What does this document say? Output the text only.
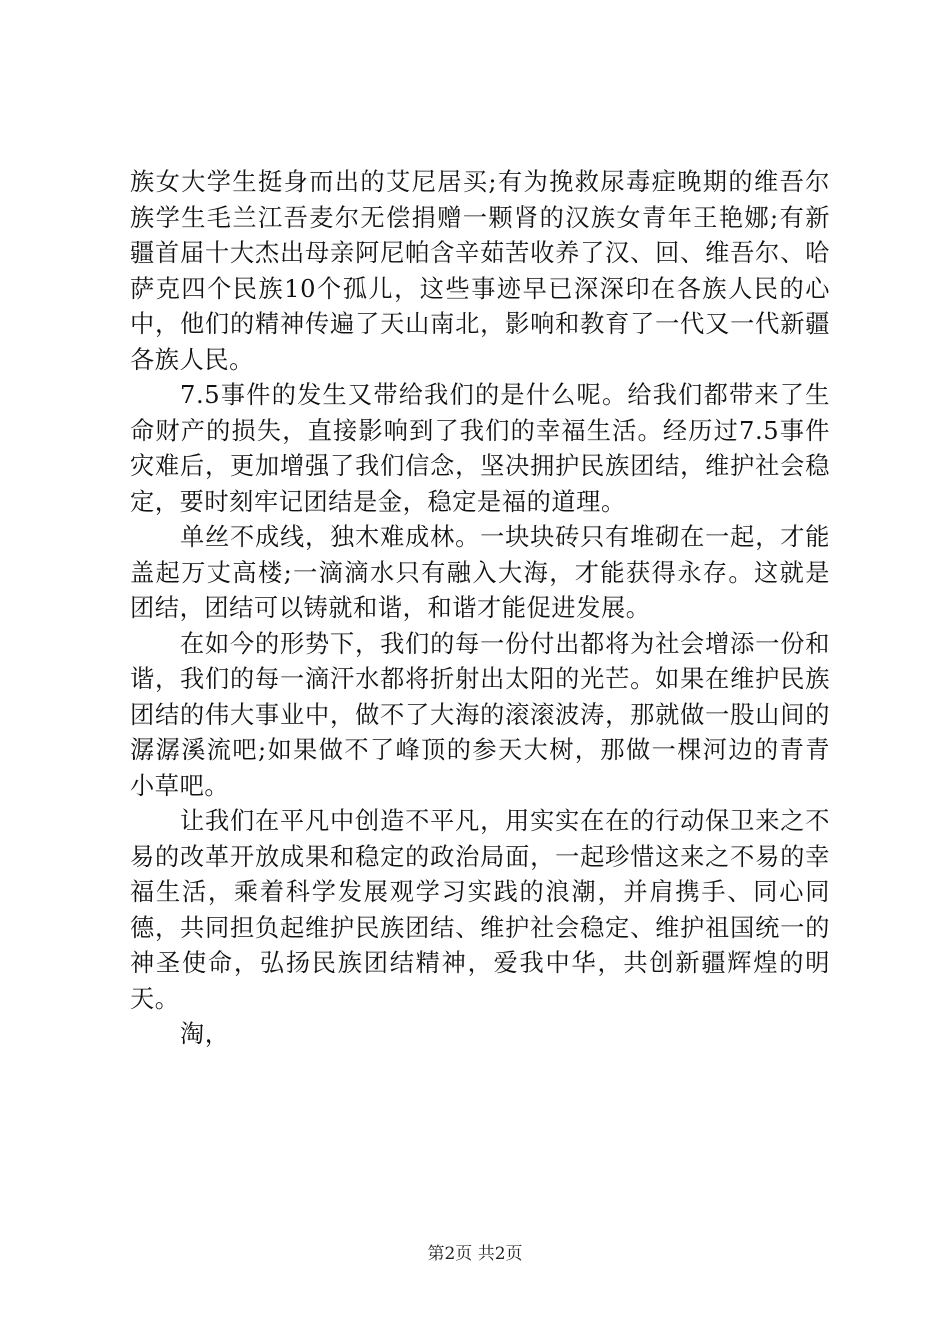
族女大学生挺身而出的艾尼居买;有为挽救尿毒症晚期的维吾尔族学生毛兰江吾麦尔无偿捐赠一颗肾的汉族女青年王艳娜;有新疆首届十大杰出母亲阿尼帕含辛茹苦收养了汉、回、维吾尔、哈萨克四个民族10个孤儿，这些事迹早已深深印在各族人民的心中，他们的精神传遍了天山南北，影响和教育了一代又一代新疆各族人民。

7.5事件的发生又带给我们的是什么呢。给我们都带来了生命财产的损失，直接影响到了我们的幸福生活。经历过7.5事件灾难后，更加增强了我们信念，坚决拥护民族团结，维护社会稳定，要时刻牢记团结是金，稳定是福的道理。

单丝不成线，独木难成林。一块块砖只有堆砌在一起，才能盖起万丈高楼;一滴滴水只有融入大海，才能获得永存。这就是团结，团结可以铸就和谐，和谐才能促进发展。

在如今的形势下，我们的每一份付出都将为社会增添一份和谐，我们的每一滴汗水都将折射出太阳的光芒。如果在维护民族团结的伟大事业中，做不了大海的滚滚波涛，那就做一股山间的潺潺溪流吧;如果做不了峰顶的参天大树，那做一棵河边的青青小草吧。

让我们在平凡中创造不平凡，用实实在在的行动保卫来之不易的改革开放成果和稳定的政治局面，一起珍惜这来之不易的幸福生活，乘着科学发展观学习实践的浪潮，并肩携手、同心同德，共同担负起维护民族团结、维护社会稳定、维护祖国统一的神圣使命，弘扬民族团结精神，爱我中华，共创新疆辉煌的明天。

淘，

第2页 共2页
